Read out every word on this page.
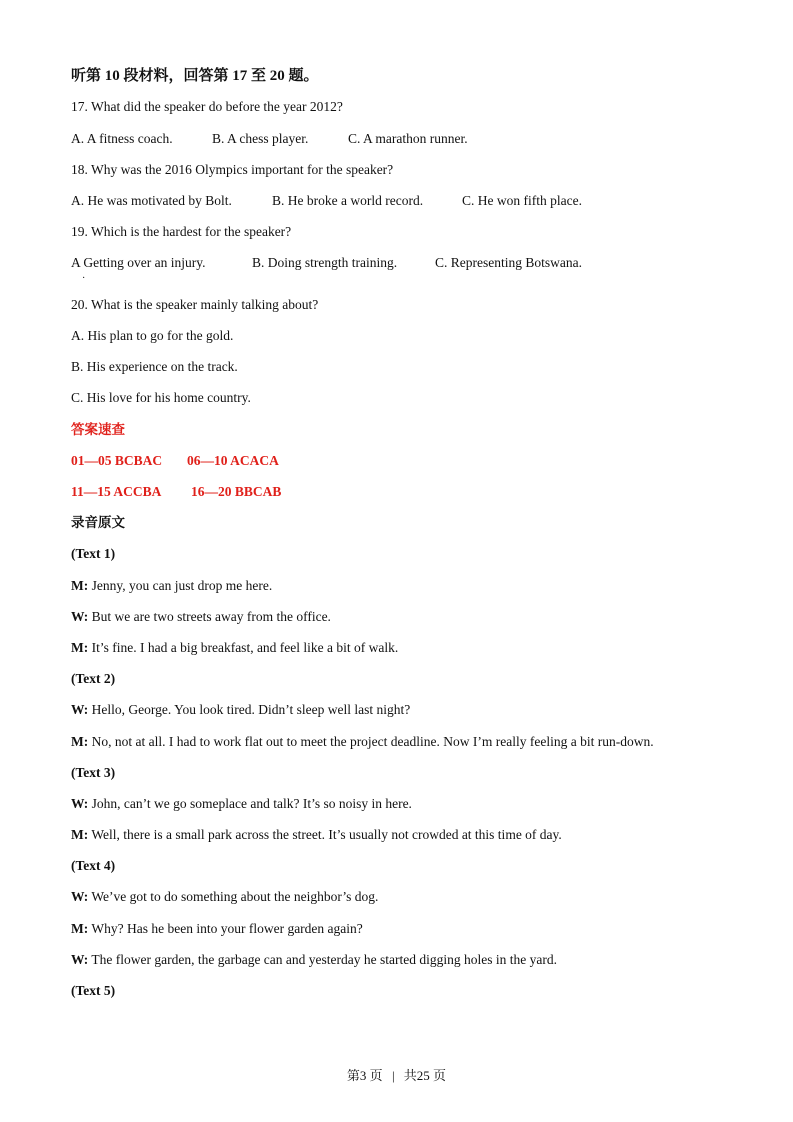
听第 10 段材料，回答第 17 至 20 题。
17. What did the speaker do before the year 2012?
A. A fitness coach.	B. A chess player.	C. A marathon runner.
18. Why was the 2016 Olympics important for the speaker?
A. He was motivated by Bolt.	B. He broke a world record.	C. He won fifth place.
19. Which is the hardest for the speaker?
A Getting over an injury.	B. Doing strength training.	C. Representing Botswana.
·
20. What is the speaker mainly talking about?
A. His plan to go for the gold.
B. His experience on the track.
C. His love for his home country.
答案速查
01—05 BCBAC 06—10 ACACA
11—15 ACCBA 16—20 BBCAB
录音原文
(Text 1)
M: Jenny, you can just drop me here.
W: But we are two streets away from the office.
M: It’s fine. I had a big breakfast, and feel like a bit of walk.
(Text 2)
W: Hello, George. You look tired. Didn’t sleep well last night?
M: No, not at all. I had to work flat out to meet the project deadline. Now I’m really feeling a bit run-down.
(Text 3)
W: John, can’t we go someplace and talk? It’s so noisy in here.
M: Well, there is a small park across the street. It’s usually not crowded at this time of day.
(Text 4)
W: We’ve got to do something about the neighbor’s dog.
M: Why? Has he been into your flower garden again?
W: The flower garden, the garbage can and yesterday he started digging holes in the yard.
(Text 5)
第3 页 | 共25 页
